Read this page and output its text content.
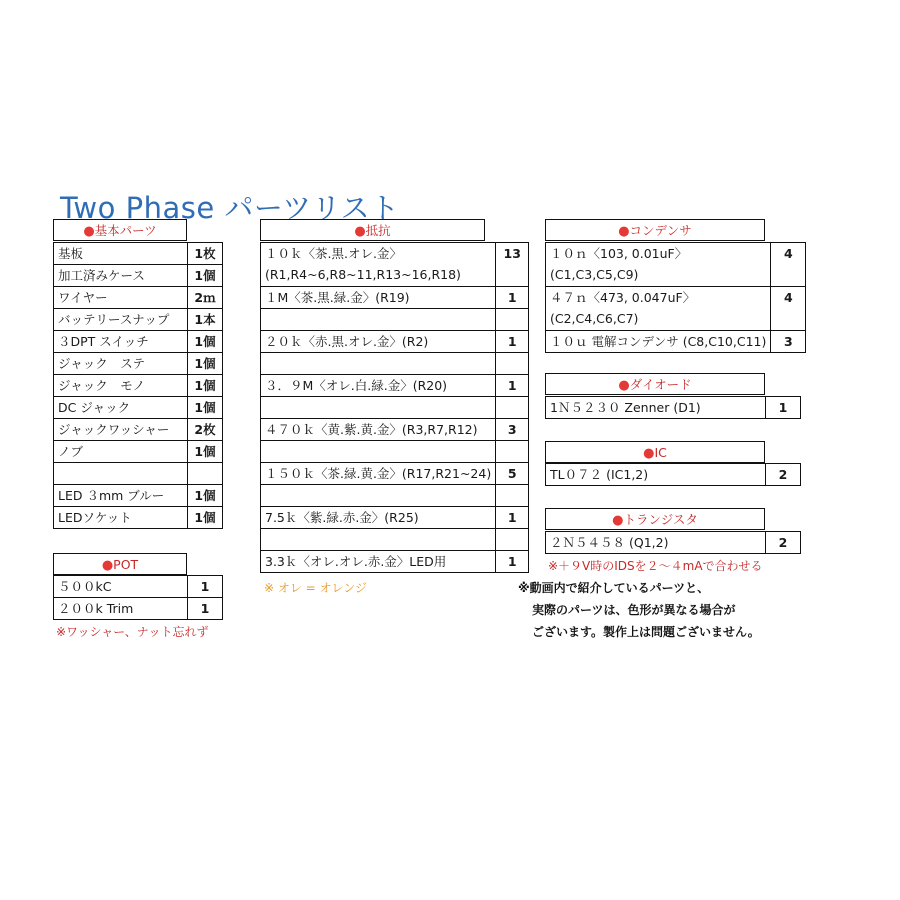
Two Phase パーツリスト
●基本パーツ
基板	1枚
加工済みケース	1個
ワイヤー	2ｍ
バッテリースナップ	1本
３DPT スイッチ	1個
ジャック　ステ	1個
ジャック　モノ	1個
DC ジャック	1個
ジャックワッシャー	2枚
ノブ	1個

LED ３mm ブルー	1個
LEDソケット	1個
●POT
５００kC	1
２００k Trim	1
※ワッシャー、ナット忘れず
●抵抗
１０ｋ〈茶.黒.オレ.金〉
(R1,R4~6,R8~11,R13~16,R18)	13

１M〈茶.黒.緑.金〉(R19)	1

２０ｋ〈赤.黒.オレ.金〉(R2)	1

３．９M〈オレ.白.緑.金〉(R20)	1

４７０ｋ〈黄.紫.黄.金〉(R3,R7,R12)	3

１５０ｋ〈茶.緑.黄.金〉(R17,R21~24)	5

7.5ｋ〈紫.緑.赤.金〉(R25)	1

3.3ｋ〈オレ.オレ.赤.金〉LED用	1
※ オレ = オレンジ
●コンデンサ
１０ｎ〈103, 0.01uF〉
(C1,C3,C5,C9)	4

４７ｎ〈473, 0.047uF〉
(C2,C4,C6,C7)	4

１０ｕ 電解コンデンサ (C8,C10,C11)	3
●ダイオード
1Ｎ５２３０ Zenner (D1)	1
●IC
TL０７２ (IC1,2)	2
●トランジスタ
２Ｎ５４５８ (Q1,2)	2
※＋９V時のIDSを２〜４mAで合わせる
※動画内で紹介しているパーツと、
実際のパーツは、色形が異なる場合が
ございます。製作上は問題ございません。
